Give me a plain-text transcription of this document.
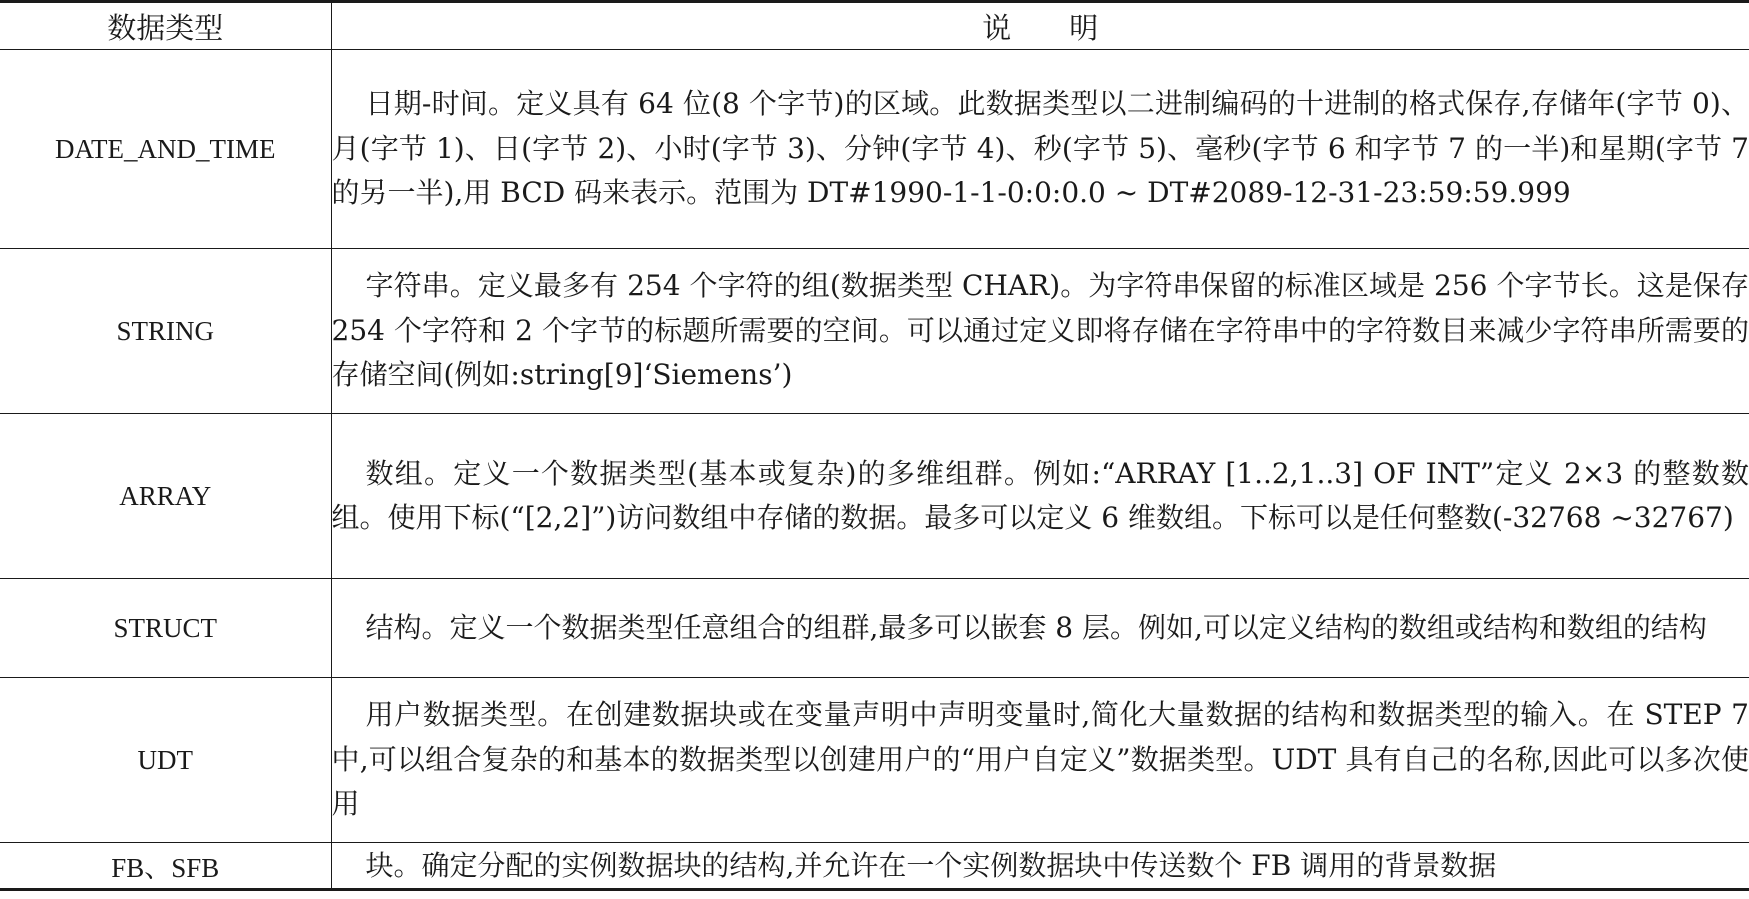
数据类型	说　　明
DATE_AND_TIME	日期-时间。定义具有 64 位(8 个字节)的区域。此数据类型以二进制编码的十进制的格式保存,存储年(字节 0)、月(字节 1)、日(字节 2)、小时(字节 3)、分钟(字节 4)、秒(字节 5)、毫秒(字节 6 和字节 7 的一半)和星期(字节 7 的另一半),用 BCD 码来表示。范围为 DT#1990-1-1-0:0:0.0 ~ DT#2089-12-31-23:59:59.999
STRING	字符串。定义最多有 254 个字符的组(数据类型 CHAR)。为字符串保留的标准区域是 256 个字节长。这是保存 254 个字符和 2 个字节的标题所需要的空间。可以通过定义即将存储在字符串中的字符数目来减少字符串所需要的存储空间(例如:string[9]‘Siemens’)
ARRAY	数组。定义一个数据类型(基本或复杂)的多维组群。例如:“ARRAY [1..2,1..3] OF INT”定义 2×3 的整数数组。使用下标(“[2,2]”)访问数组中存储的数据。最多可以定义 6 维数组。下标可以是任何整数(-32768 ~32767)
STRUCT	结构。定义一个数据类型任意组合的组群,最多可以嵌套 8 层。例如,可以定义结构的数组或结构和数组的结构
UDT	用户数据类型。在创建数据块或在变量声明中声明变量时,简化大量数据的结构和数据类型的输入。在 STEP 7 中,可以组合复杂的和基本的数据类型以创建用户的“用户自定义”数据类型。UDT 具有自己的名称,因此可以多次使用
FB、SFB	块。确定分配的实例数据块的结构,并允许在一个实例数据块中传送数个 FB 调用的背景数据
